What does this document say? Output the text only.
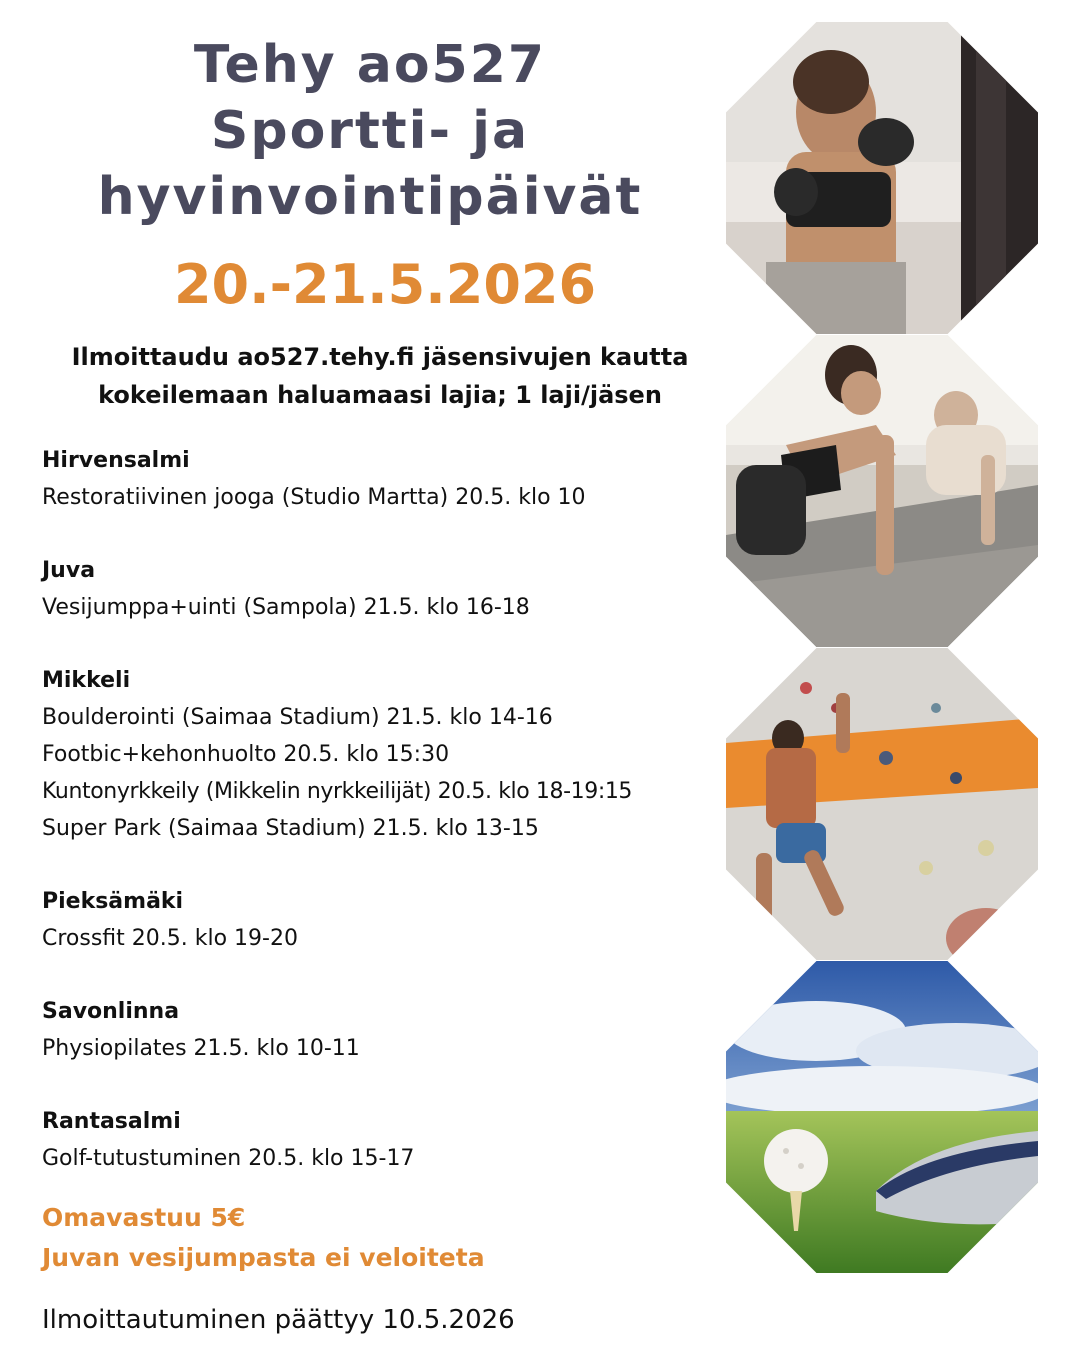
Tehy ao527
Sportti- ja
hyvinvointipäivät
20.-21.5.2026
Ilmoittaudu ao527.tehy.fi jäsensivujen kautta
kokeilemaan haluamaasi lajia; 1 laji/jäsen
Hirvensalmi
Restoratiivinen jooga (Studio Martta) 20.5. klo 10
Juva
Vesijumppa+uinti (Sampola) 21.5. klo 16-18
Mikkeli
Boulderointi (Saimaa Stadium) 21.5. klo 14-16
Footbic+kehonhuolto 20.5. klo 15:30
Kuntonyrkkeily (Mikkelin nyrkkeilijät) 20.5. klo 18-19:15
Super Park (Saimaa Stadium) 21.5. klo 13-15
Pieksämäki
Crossfit 20.5. klo 19-20
Savonlinna
Physiopilates 21.5. klo 10-11
Rantasalmi
Golf-tutustuminen 20.5. klo 15-17
Omavastuu 5€
Juvan vesijumpasta ei veloiteta
Ilmoittautuminen päättyy 10.5.2026
